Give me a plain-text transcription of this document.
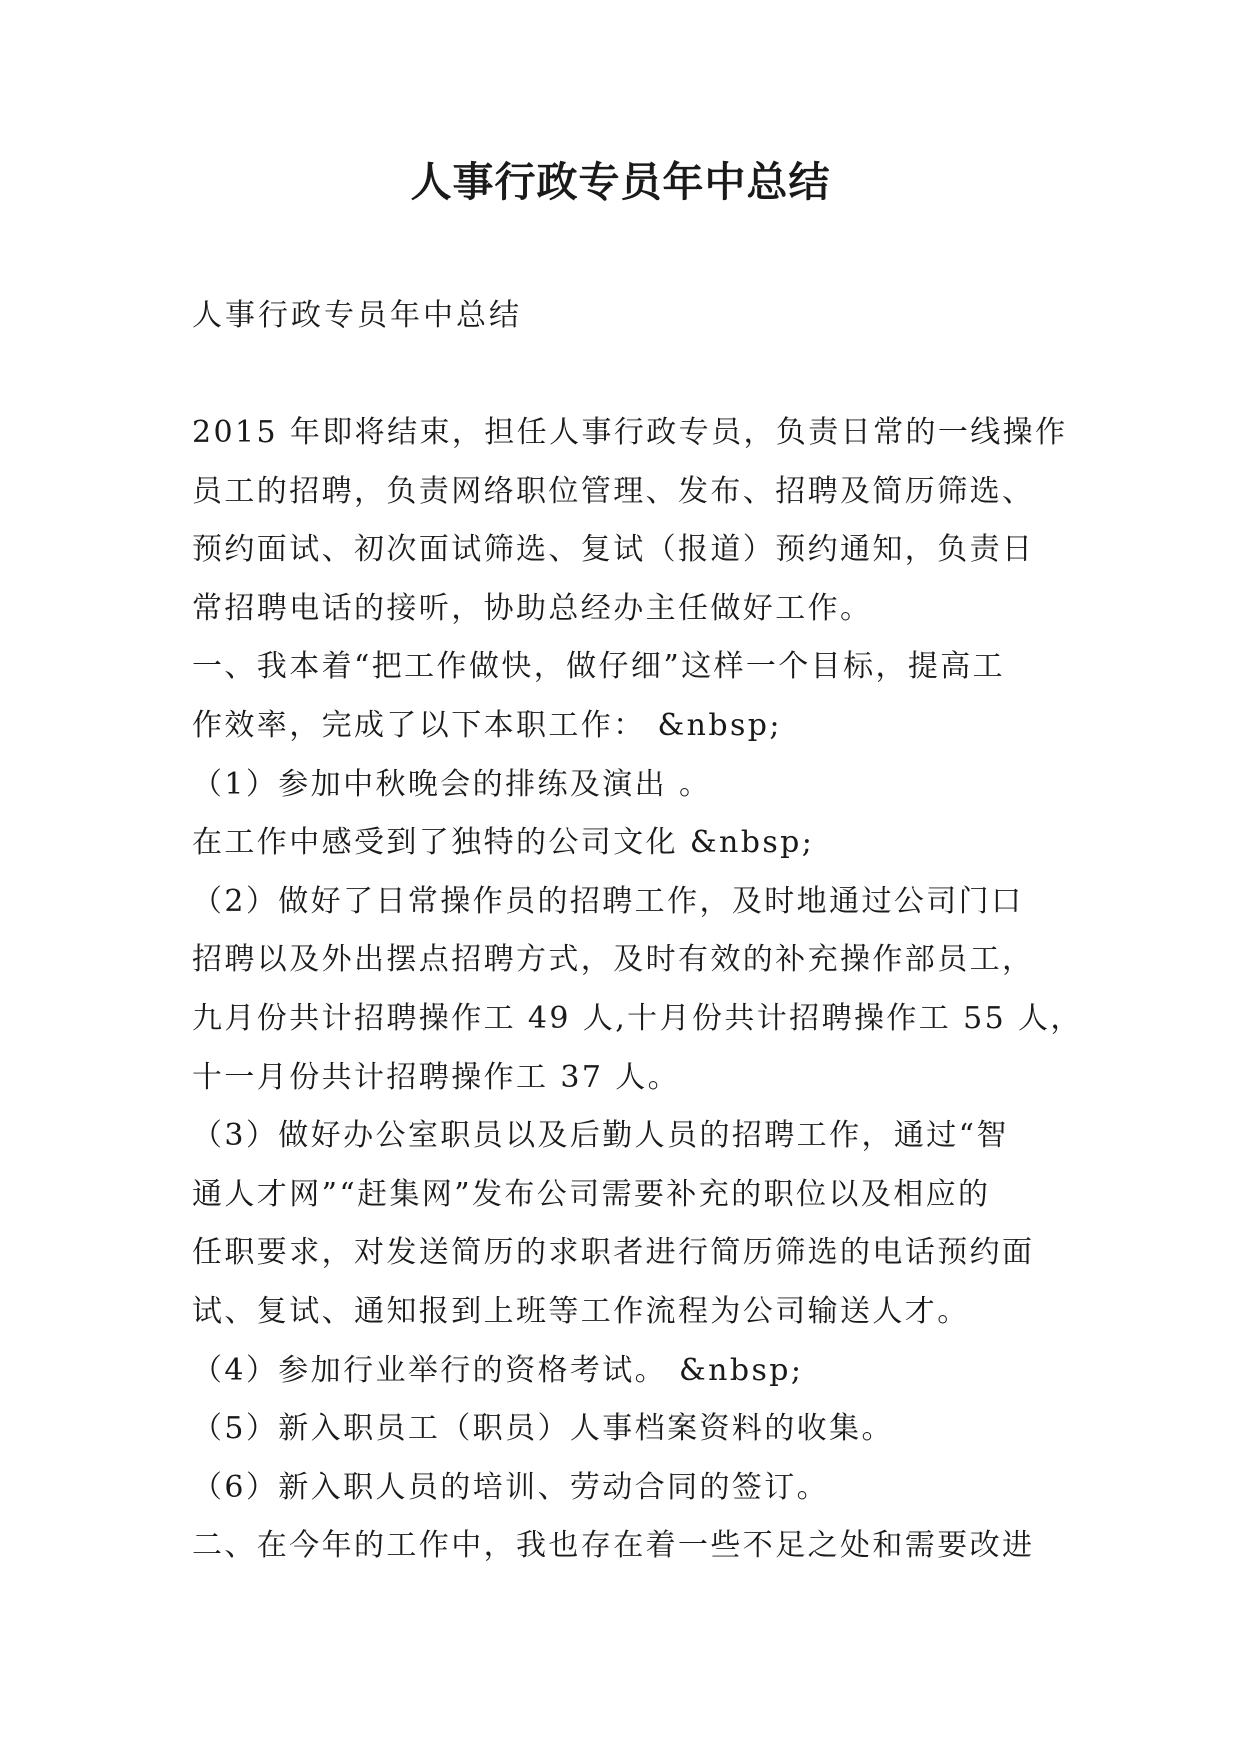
人事行政专员年中总结
人事行政专员年中总结
2015 年即将结束，担任人事行政专员，负责日常的一线操作
员工的招聘，负责网络职位管理、发布、招聘及简历筛选、
预约面试、初次面试筛选、复试（报道）预约通知，负责日
常招聘电话的接听，协助总经办主任做好工作。
一、我本着“把工作做快，做仔细”这样一个目标，提高工
作效率，完成了以下本职工作： &nbsp;
（1）参加中秋晚会的排练及演出 。
在工作中感受到了独特的公司文化 &nbsp;
（2）做好了日常操作员的招聘工作，及时地通过公司门口
招聘以及外出摆点招聘方式，及时有效的补充操作部员工，
九月份共计招聘操作工 49 人,十月份共计招聘操作工 55 人，
十一月份共计招聘操作工 37 人。
（3）做好办公室职员以及后勤人员的招聘工作，通过“智
通人才网”“赶集网”发布公司需要补充的职位以及相应的
任职要求，对发送简历的求职者进行简历筛选的电话预约面
试、复试、通知报到上班等工作流程为公司输送人才。
（4）参加行业举行的资格考试。 &nbsp;
（5）新入职员工（职员）人事档案资料的收集。
（6）新入职人员的培训、劳动合同的签订。
二、在今年的工作中，我也存在着一些不足之处和需要改进
